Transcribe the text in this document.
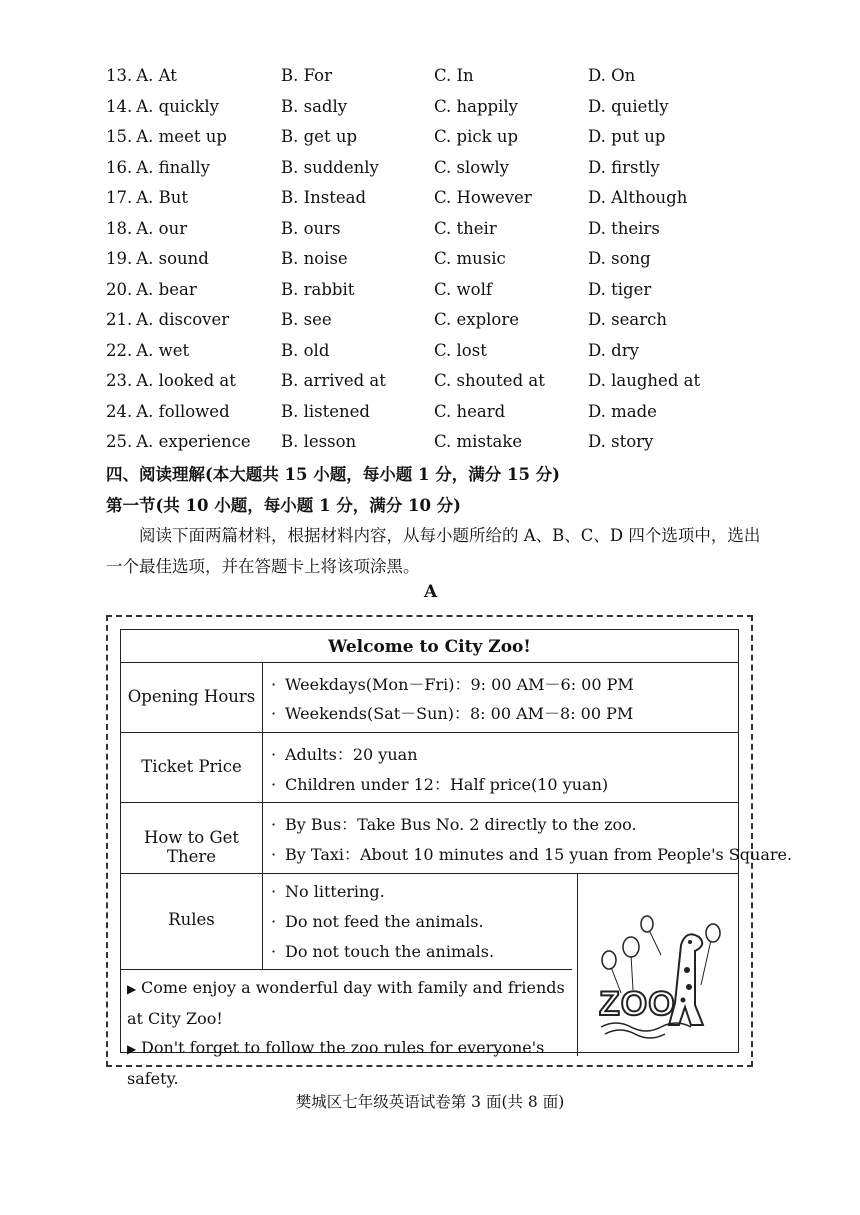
13. A. At	B. For	C. In	D. On
14. A. quickly	B. sadly	C. happily	D. quietly
15. A. meet up	B. get up	C. pick up	D. put up
16. A. finally	B. suddenly	C. slowly	D. firstly
17. A. But	B. Instead	C. However	D. Although
18. A. our	B. ours	C. their	D. theirs
19. A. sound	B. noise	C. music	D. song
20. A. bear	B. rabbit	C. wolf	D. tiger
21. A. discover	B. see	C. explore	D. search
22. A. wet	B. old	C. lost	D. dry
23. A. looked at	B. arrived at	C. shouted at	D. laughed at
24. A. followed	B. listened	C. heard	D. made
25. A. experience B. lesson	C. mistake	D. story
四、阅读理解(本大题共 15 小题，每小题 1 分，满分 15 分)
第一节(共 10 小题，每小题 1 分，满分 10 分)

阅读下面两篇材料，根据材料内容，从每小题所给的 A、B、C、D 四个选项中，选出一个最佳选项，并在答题卡上将该项涂黑。

A
Welcome to City Zoo!
Opening Hours
· Weekdays(Mon－Fri)：9: 00 AM－6: 00 PM
· Weekends(Sat－Sun)：8: 00 AM－8: 00 PM
Ticket Price
· Adults：20 yuan
· Children under 12：Half price(10 yuan)
How to Get There
· By Bus：Take Bus No. 2 directly to the zoo.
· By Taxi：About 10 minutes and 15 yuan from People's Square.
Rules
· No littering.
· Do not feed the animals.
· Do not touch the animals.
▶ Come enjoy a wonderful day with family and friends at City Zoo!
▶ Don't forget to follow the zoo rules for everyone's safety.
ZOO
樊城区七年级英语试卷第 3 面(共 8 面)
